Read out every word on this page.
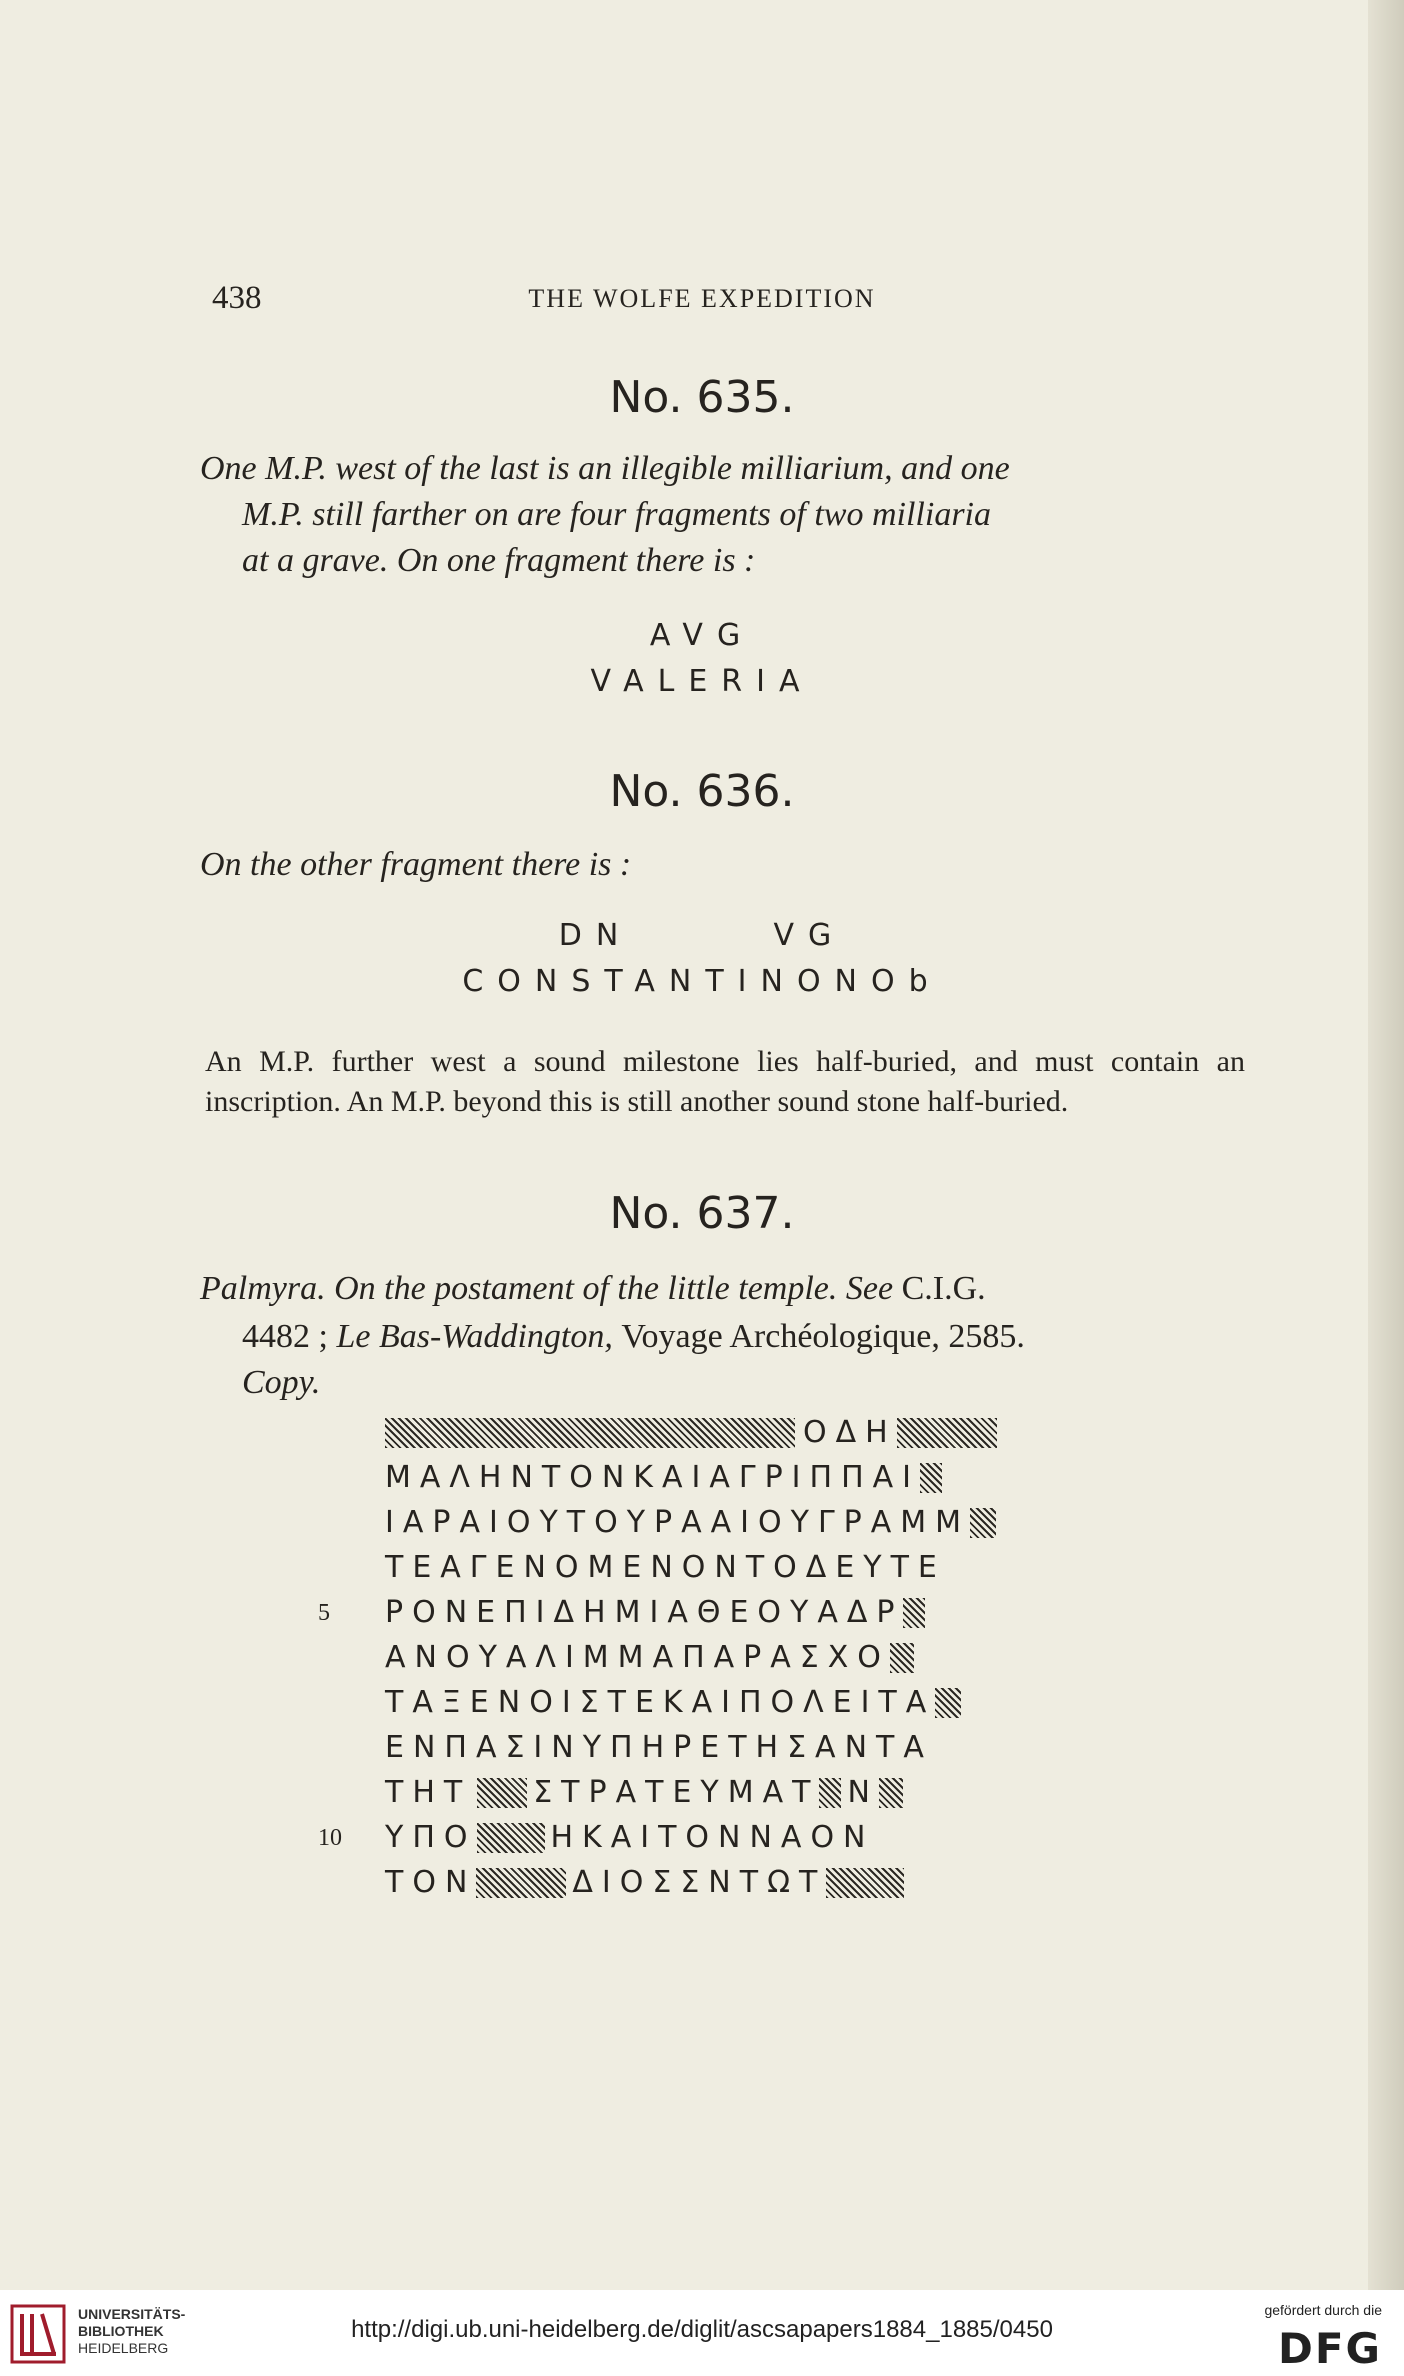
438	THE WOLFE EXPEDITION
No. 635.
One M.P. west of the last is an illegible milliarium, and one
M.P. still farther on are four fragments of two milliaria
at a grave. On one fragment there is :
AVG
VALERIA
No. 636.
On the other fragment there is :
DN      VG
CONSTANTINONOb
An M.P. further west a sound milestone lies half-buried, and must contain an inscription. An M.P. beyond this is still another sound stone half-buried.
No. 637.
Palmyra. On the postament of the little temple. See C.I.G.
4482 ; Le Bas-Waddington, Voyage Archéologique, 2585.
Copy.
ΟΔΗ
ΜΑΛΗΝΤΟΝΚΑΙΑΓΡΙΠΠΑΙ
ΙΑΡΑΙΟΥΤΟΥΡΑΑΙΟΥΓΡΑΜΜ
ΤΕΑΓΕΝΟΜΕΝΟΝΤΟΔΕΥΤΕ
ΡΟΝΕΠΙΔΗΜΙΑΘΕΟΥΑΔΡ
ΑΝΟΥΑΛΙΜΜΑΠΑΡΑΣΧΟ
ΤΑΞΕΝΟΙΣΤΕΚΑΙΠΟΛΕΙΤΑ
ΕΝΠΑΣΙΝΥΠΗΡΕΤΗΣΑΝΤΑ
ΤΗΤ ΣΤΡΑΤΕΥΜΑΤ Ν
ΥΠΟ ΗΚΑΙΤΟΝΝΑΟΝ
ΤΟΝ	ΔΙΟΣΣ ΝΤΩΤ
5
10
UNIVERSITÄTS-
BIBLIOTHEK
HEIDELBERG
http://digi.ub.uni-heidelberg.de/diglit/ascsapapers1884_1885/0450
gefördert durch die
DFG
